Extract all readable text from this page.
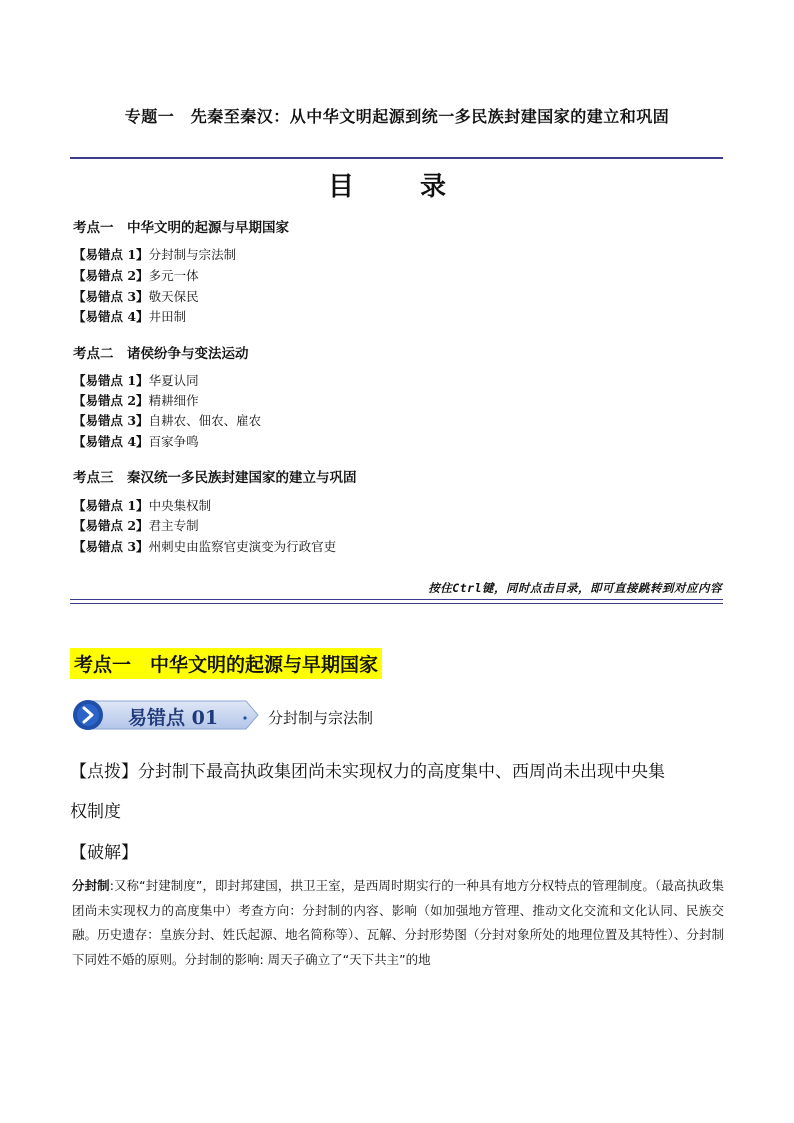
专题一　先秦至秦汉：从中华文明起源到统一多民族封建国家的建立和巩固
目　录
考点一　中华文明的起源与早期国家
【易错点 1】分封制与宗法制
【易错点 2】多元一体
【易错点 3】敬天保民
【易错点 4】井田制
考点二　诸侯纷争与变法运动
【易错点 1】华夏认同
【易错点 2】精耕细作
【易错点 3】自耕农、佃农、雇农
【易错点 4】百家争鸣
考点三　秦汉统一多民族封建国家的建立与巩固
【易错点 1】中央集权制
【易错点 2】君主专制
【易错点 3】州刺史由监察官吏演变为行政官吏
按住Ctrl键，同时点击目录，即可直接跳转到对应内容
考点一　中华文明的起源与早期国家
易错点 01	分封制与宗法制
【点拨】分封制下最高执政集团尚未实现权力的高度集中、西周尚未出现中央集
权制度
【破解】
分封制:又称“封建制度”，即封邦建国，拱卫王室，是西周时期实行的一种具有地方分权特点的管理制度。（最高执政集团尚未实现权力的高度集中）考查方向：分封制的内容、影响（如加强地方管理、推动文化交流和文化认同、民族交融。历史遗存：皇族分封、姓氏起源、地名简称等）、瓦解、分封形势图（分封对象所处的地理位置及其特性）、分封制下同姓不婚的原则。分封制的影响: 周天子确立了“天下共主”的地
